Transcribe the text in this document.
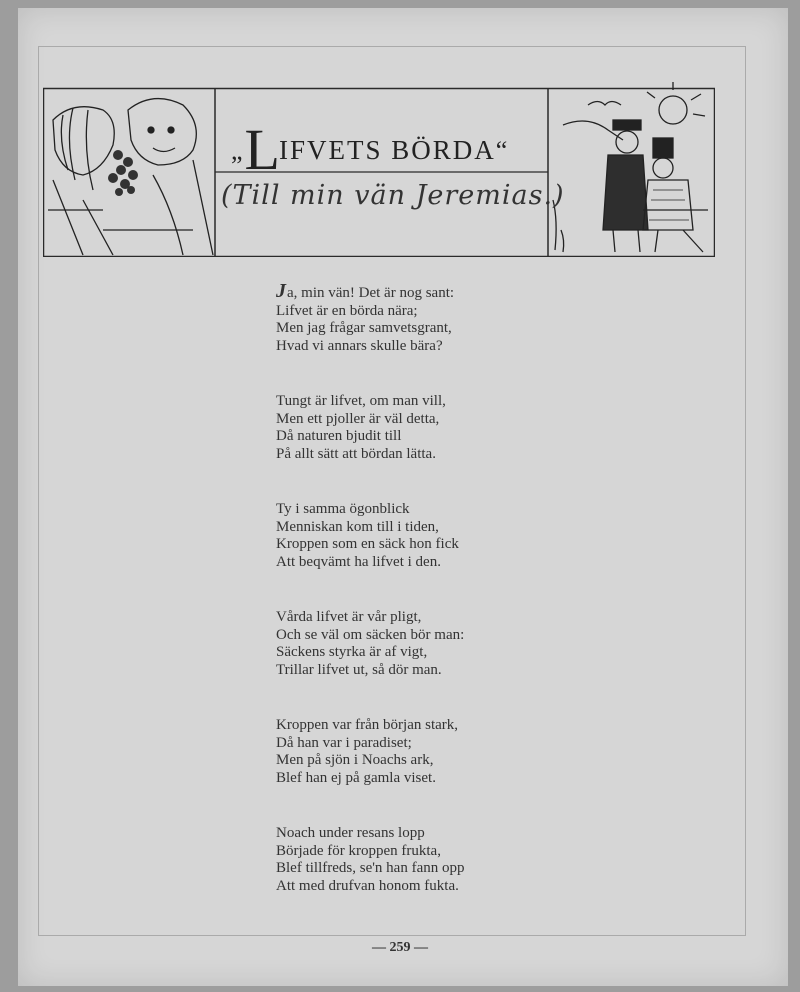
„LIFVETS BÖRDA“
(Till min vän Jeremias.)

Ja, min vän! Det är nog sant:
Lifvet är en börda nära;
Men jag frågar samvetsgrant,
Hvad vi annars skulle bära?

Tungt är lifvet, om man vill,
Men ett pjoller är väl detta,
Då naturen bjudit till
På allt sätt att bördan lätta.

Ty i samma ögonblick
Menniskan kom till i tiden,
Kroppen som en säck hon fick
Att beqvämt ha lifvet i den.

Vårda lifvet är vår pligt,
Och se väl om säcken bör man:
Säckens styrka är af vigt,
Trillar lifvet ut, så dör man.

Kroppen var från början stark,
Då han var i paradiset;
Men på sjön i Noachs ark,
Blef han ej på gamla viset.

Noach under resans lopp
Började för kroppen frukta,
Blef tillfreds, se'n han fann opp
Att med drufvan honom fukta.

— 259 —
